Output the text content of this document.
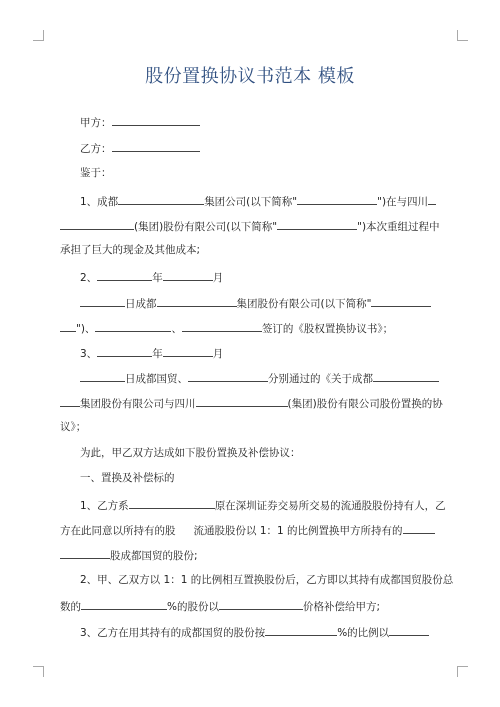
股份置换协议书范本 模板
甲方：
乙方：
鉴于：
1、成都	集团公司(以下简称"	")在与四川
(集团)股份有限公司(以下简称"	")本次重组过程中
承担了巨大的现金及其他成本;
2、	年	月
日成都	集团股份有限公司(以下简称"
")、	、	签订的《股权置换协议书》；
3、	年	月
日成都国贸、	分别通过的《关于成都
集团股份有限公司与四川	(集团)股份有限公司股份置换的协
议》；
为此，甲乙双方达成如下股份置换及补偿协议：
一、置换及补偿标的
1、乙方系	原在深圳证券交易所交易的流通股股份持有人，乙
方在此同意以所持有的股 流通股股份以 1：1 的比例置换甲方所持有的
股成都国贸的股份;
2、甲、乙双方以 1：1 的比例相互置换股份后，乙方即以其持有成都国贸股份总
数的	%的股份以	价格补偿给甲方;
3、乙方在用其持有的成都国贸的股份按	%的比例以
